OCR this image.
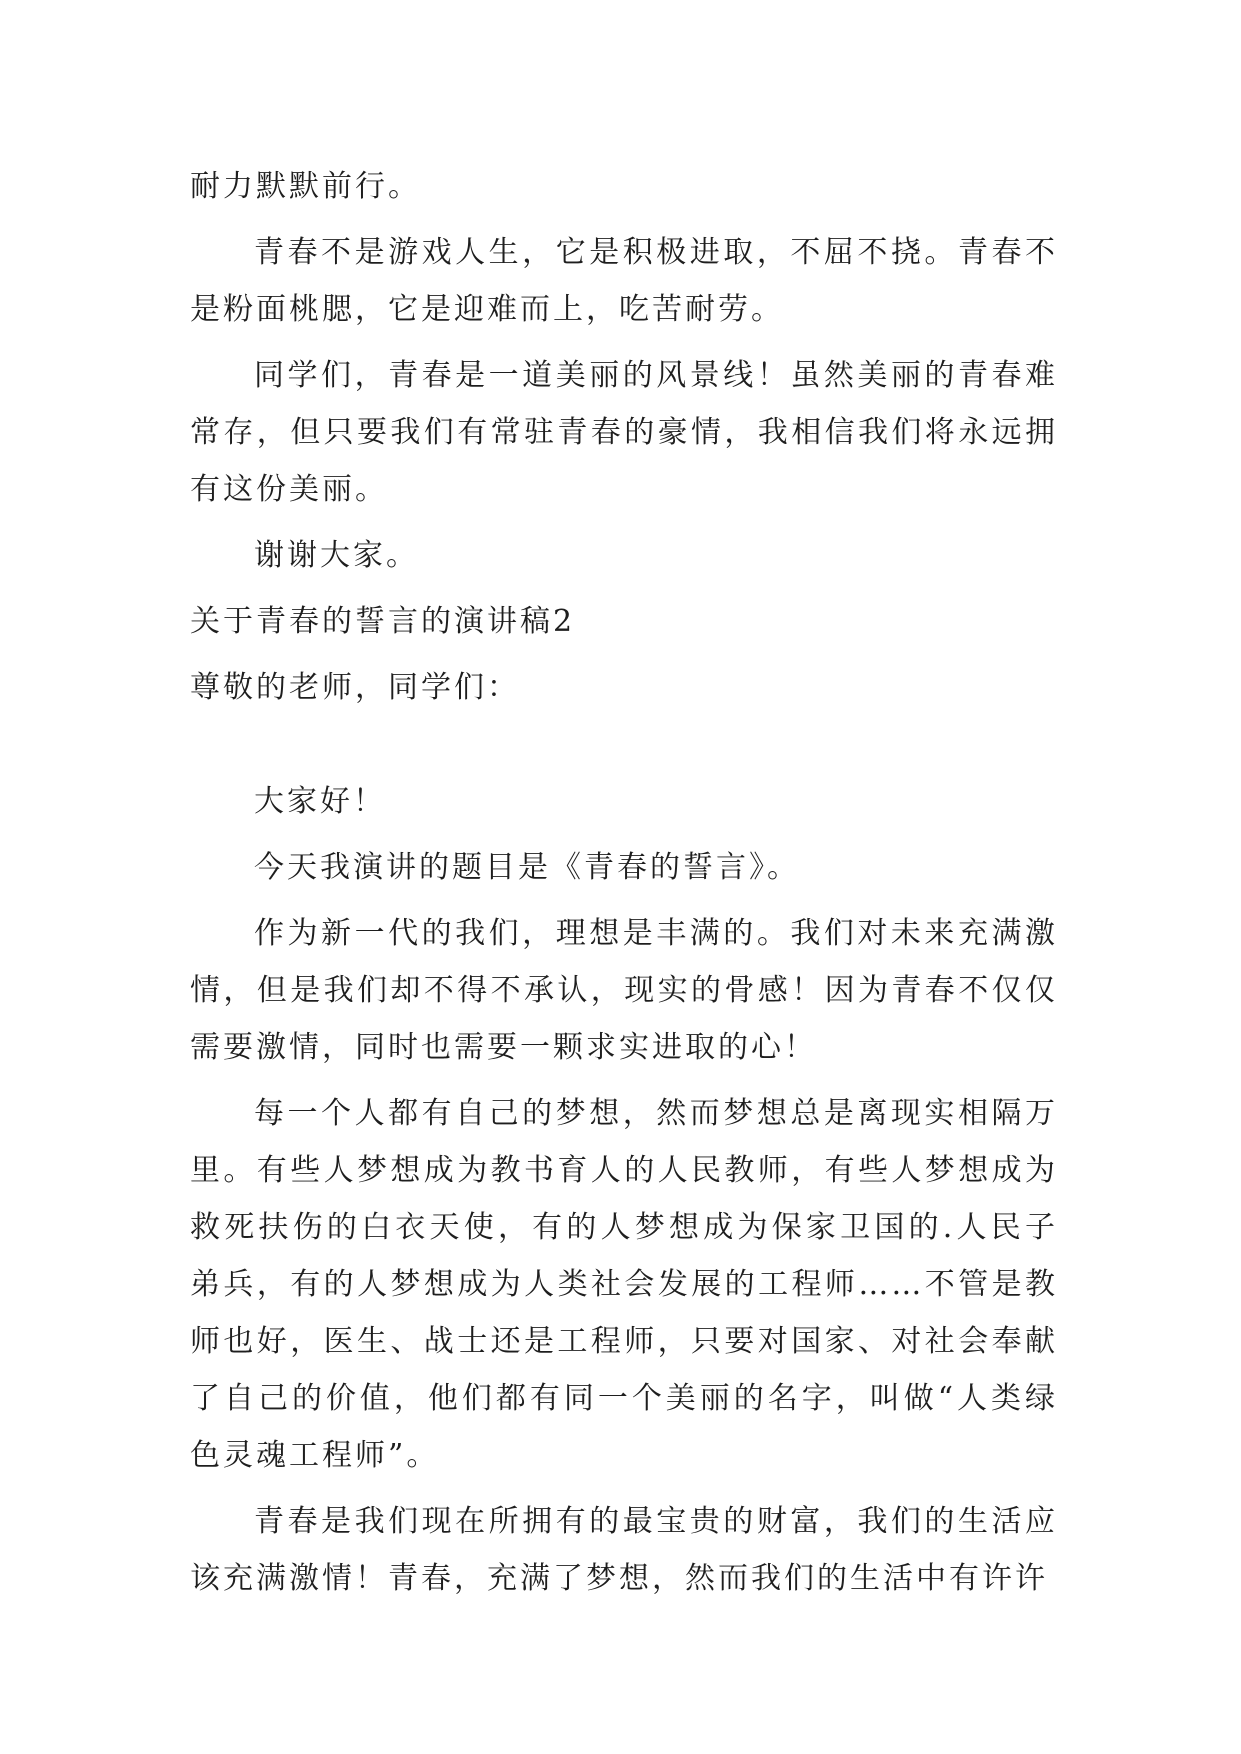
耐力默默前行。

青春不是游戏人生，它是积极进取，不屈不挠。青春不是粉面桃腮，它是迎难而上，吃苦耐劳。

同学们，青春是一道美丽的风景线！虽然美丽的青春难常存，但只要我们有常驻青春的豪情，我相信我们将永远拥有这份美丽。

谢谢大家。

关于青春的誓言的演讲稿2

尊敬的老师，同学们：

大家好！

今天我演讲的题目是《青春的誓言》。

作为新一代的我们，理想是丰满的。我们对未来充满激情，但是我们却不得不承认，现实的骨感！因为青春不仅仅需要激情，同时也需要一颗求实进取的心！

每一个人都有自己的梦想，然而梦想总是离现实相隔万里。有些人梦想成为教书育人的人民教师，有些人梦想成为救死扶伤的白衣天使，有的人梦想成为保家卫国的.人民子弟兵，有的人梦想成为人类社会发展的工程师……不管是教师也好，医生、战士还是工程师，只要对国家、对社会奉献了自己的价值，他们都有同一个美丽的名字，叫做“人类绿色灵魂工程师”。

青春是我们现在所拥有的最宝贵的财富，我们的生活应该充满激情！青春，充满了梦想，然而我们的生活中有许许
